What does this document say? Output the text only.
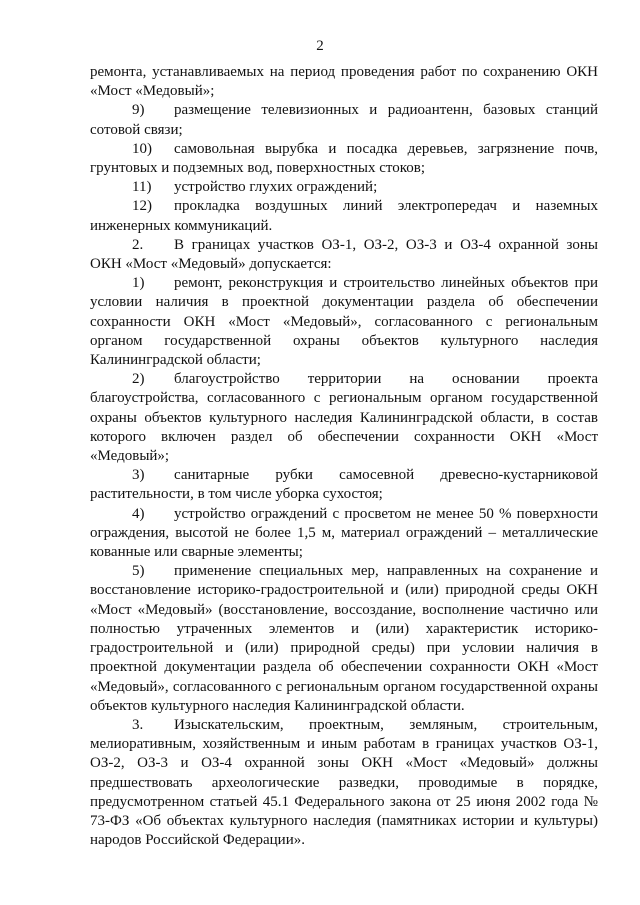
2

ремонта, устанавливаемых на период проведения работ по сохранению ОКН «Мост «Медовый»;

9) размещение телевизионных и радиоантенн, базовых станций сотовой связи;

10) самовольная вырубка и посадка деревьев, загрязнение почв, грунтовых и подземных вод, поверхностных стоков;

11) устройство глухих ограждений;

12) прокладка воздушных линий электропередач и наземных инженерных коммуникаций.

2. В границах участков ОЗ-1, ОЗ-2, ОЗ-3 и ОЗ-4 охранной зоны ОКН «Мост «Медовый» допускается:

1) ремонт, реконструкция и строительство линейных объектов при условии наличия в проектной документации раздела об обеспечении сохранности ОКН «Мост «Медовый», согласованного с региональным органом государственной охраны объектов культурного наследия Калининградской области;

2) благоустройство территории на основании проекта благоустройства, согласованного с региональным органом государственной охраны объектов культурного наследия Калининградской области, в состав которого включен раздел об обеспечении сохранности ОКН «Мост «Медовый»;

3) санитарные рубки самосевной древесно-кустарниковой растительности, в том числе уборка сухостоя;

4) устройство ограждений с просветом не менее 50 % поверхности ограждения, высотой не более 1,5 м, материал ограждений – металлические кованные или сварные элементы;

5) применение специальных мер, направленных на сохранение и восстановление историко-градостроительной и (или) природной среды ОКН «Мост «Медовый» (восстановление, воссоздание, восполнение частично или полностью утраченных элементов и (или) характеристик историко-градостроительной и (или) природной среды) при условии наличия в проектной документации раздела об обеспечении сохранности ОКН «Мост «Медовый», согласованного с региональным органом государственной охраны объектов культурного наследия Калининградской области.

3. Изыскательским, проектным, земляным, строительным, мелиоративным, хозяйственным и иным работам в границах участков ОЗ-1, ОЗ-2, ОЗ-3 и ОЗ-4 охранной зоны ОКН «Мост «Медовый» должны предшествовать археологические разведки, проводимые в порядке, предусмотренном статьей 45.1 Федерального закона от 25 июня 2002 года № 73-ФЗ «Об объектах культурного наследия (памятниках истории и культуры) народов Российской Федерации».
